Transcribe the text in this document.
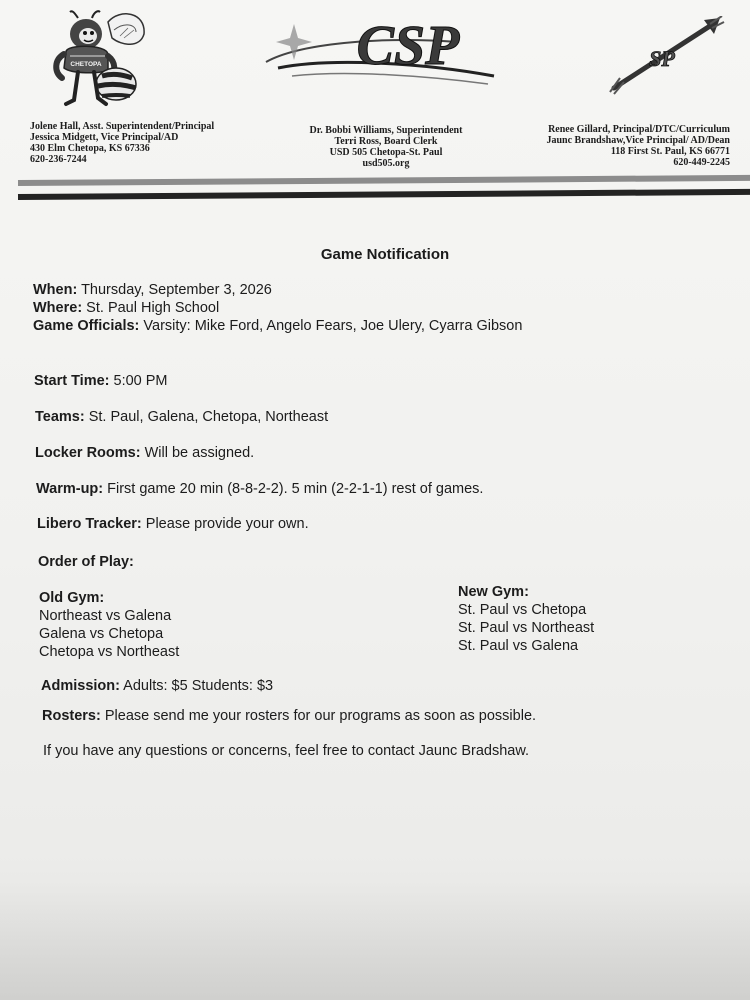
CHETOPA	CSP	SP
Jolene Hall, Asst. Superintendent/Principal
Jessica Midgett, Vice Principal/AD
430 Elm Chetopa, KS 67336
620-236-7244
Dr. Bobbi Williams, Superintendent
Terri Ross, Board Clerk
USD 505 Chetopa-St. Paul
usd505.org
Renee Gillard, Principal/DTC/Curriculum
Jaunc Brandshaw,Vice Principal/ AD/Dean
118 First St. Paul, KS 66771
620-449-2245
Game Notification
When: Thursday, September 3, 2026
Where: St. Paul High School
Game Officials: Varsity: Mike Ford, Angelo Fears, Joe Ulery, Cyarra Gibson
Start Time: 5:00 PM
Teams: St. Paul, Galena, Chetopa, Northeast
Locker Rooms: Will be assigned.
Warm-up: First game 20 min (8-8-2-2). 5 min (2-2-1-1) rest of games.
Libero Tracker: Please provide your own.
Order of Play:
Old Gym:
Northeast vs Galena
Galena vs Chetopa
Chetopa vs Northeast
New Gym:
St. Paul vs Chetopa
St. Paul vs Northeast
St. Paul vs Galena
Admission: Adults: $5 Students: $3
Rosters: Please send me your rosters for our programs as soon as possible.
If you have any questions or concerns, feel free to contact Jaunc Bradshaw.
